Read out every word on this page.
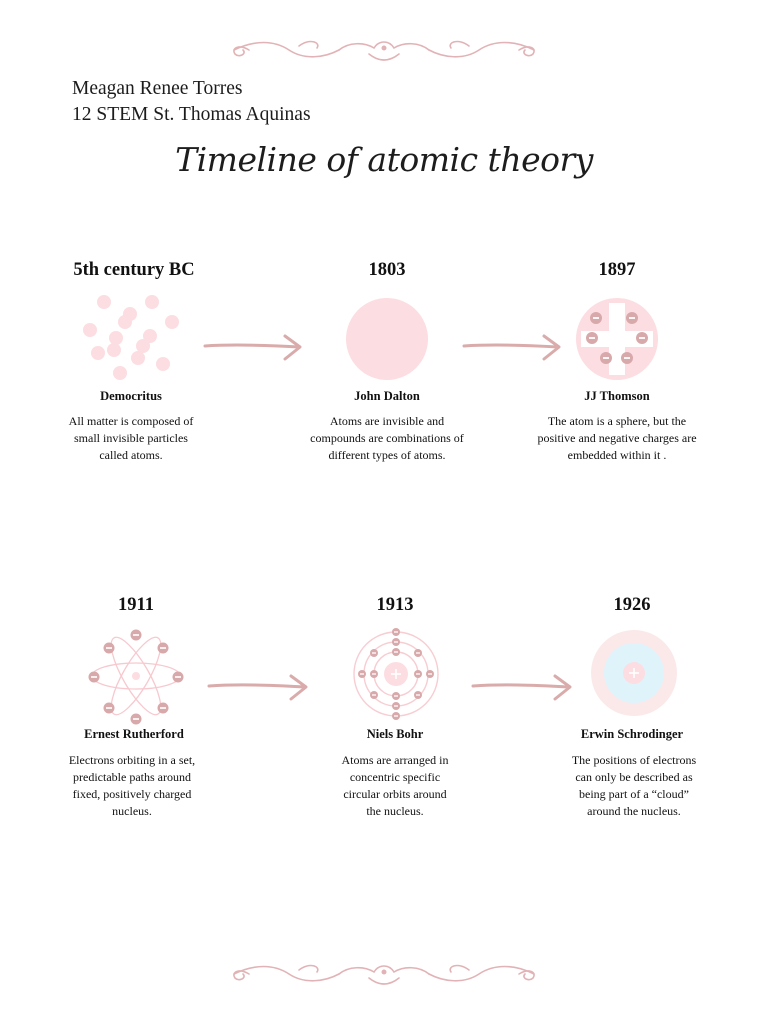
Meagan Renee Torres
12 STEM St. Thomas Aquinas
Timeline of atomic theory
5th century BC	1803	1897
Democritus	John Dalton	JJ Thomson
All matter is composed of
small invisible particles
called atoms.
Atoms are invisible and
compounds are combinations of
different types of atoms.
The atom is a sphere, but the
positive and negative charges are
embedded within it .
1911	1913	1926
Ernest Rutherford	Niels Bohr	Erwin Schrodinger
Electrons orbiting in a set,
predictable paths around
fixed, positively charged
nucleus.
Atoms are arranged in
concentric specific
circular orbits around
the nucleus.
The positions of electrons
can only be described as
being part of a “cloud”
around the nucleus.
